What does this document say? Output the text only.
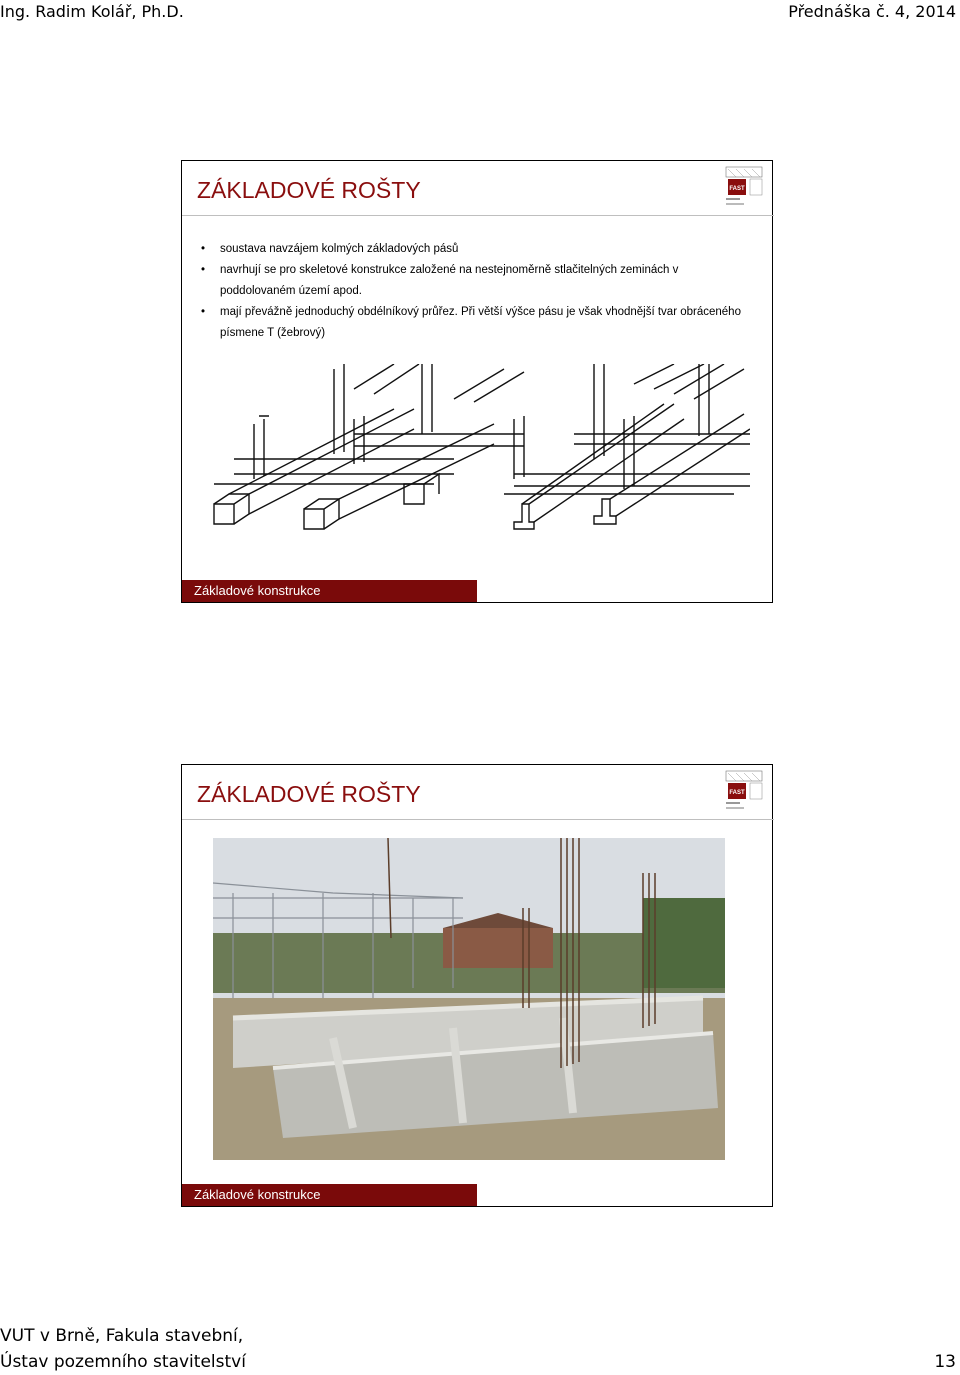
Ing. Radim Kolář, Ph.D.	Přednáška č. 4, 2014
ZÁKLADOVÉ ROŠTY	FAST
• soustava navzájem kolmých základových pásů
• navrhují se pro skeletové konstrukce založené na nestejnoměrně stlačitelných zeminách v poddolovaném území apod.
• mají převážně jednoduchý obdélníkový průřez. Při větší výšce pásu je však vhodnější tvar obráceného písmene T (žebrový)
Základové konstrukce
ZÁKLADOVÉ ROŠTY	FAST
Základové konstrukce
VUT v Brně, Fakula stavební,
Ústav pozemního stavitelství	13
